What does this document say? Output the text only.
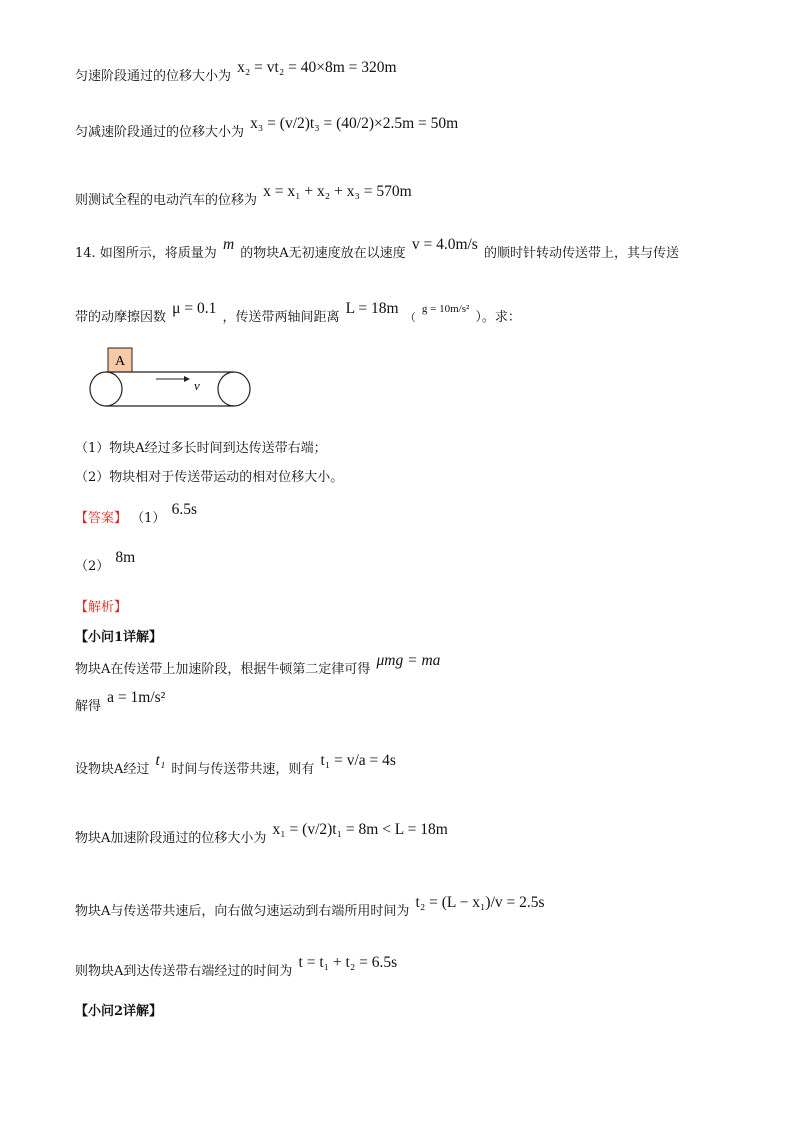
匀速阶段通过的位移大小为 x₂ = vt₂ = 40×8m = 320m
匀减速阶段通过的位移大小为 x₃ = (v/2)t₃ = (40/2)×2.5m = 50m
则测试全程的电动汽车的位移为 x = x₁ + x₂ + x₃ = 570m
14. 如图所示，将质量为 m 的物块A无初速度放在以速度 v = 4.0m/s 的顺时针转动传送带上，其与传送
带的动摩擦因数 μ = 0.1 ，传送带两轴间距离 L = 18m （ g = 10m/s² ）。求：
A
v
（1）物块A经过多长时间到达传送带右端；
（2）物块相对于传送带运动的相对位移大小。
【答案】 （1） 6.5s
（2） 8m
【解析】
【小问1详解】
物块A在传送带上加速阶段，根据牛顿第二定律可得 μmg = ma
解得 a = 1m/s²
设物块A经过 t₁ 时间与传送带共速，则有 t₁ = v/a = 4s
物块A加速阶段通过的位移大小为 x₁ = (v/2)t₁ = 8m < L = 18m
物块A与传送带共速后，向右做匀速运动到右端所用时间为 t₂ = (L − x₁)/v = 2.5s
则物块A到达传送带右端经过的时间为 t = t₁ + t₂ = 6.5s
【小问2详解】
